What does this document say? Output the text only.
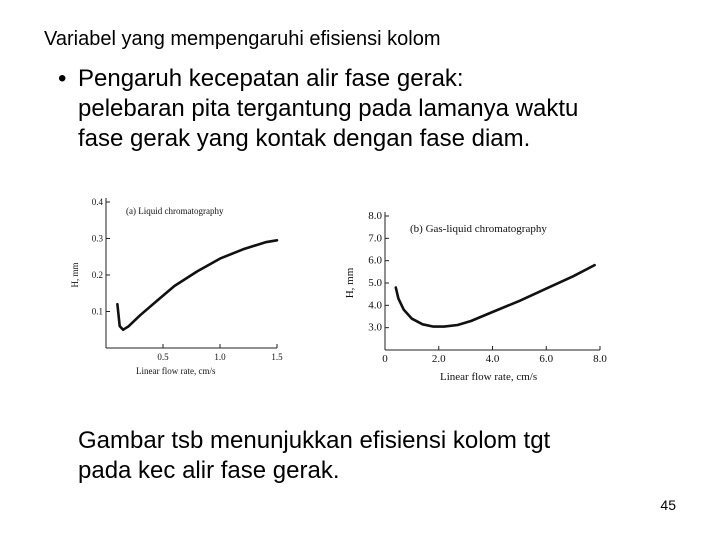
Variabel yang mempengaruhi efisiensi kolom
• Pengaruh kecepatan alir fase gerak:
pelebaran pita tergantung pada lamanya waktu
fase gerak yang kontak dengan fase diam.
0.1
0.2
0.3
0.4
0.5	1.0	1.5
(a) Liquid chromatography
Linear flow rate, cm/s
H, mm
3.0
4.0
5.0
6.0
7.0
8.0
0	2.0	4.0	6.0	8.0
(b) Gas-liquid chromatography
Linear flow rate, cm/s
H, mm
Gambar tsb menunjukkan efisiensi kolom tgt
pada kec alir fase gerak.
45
